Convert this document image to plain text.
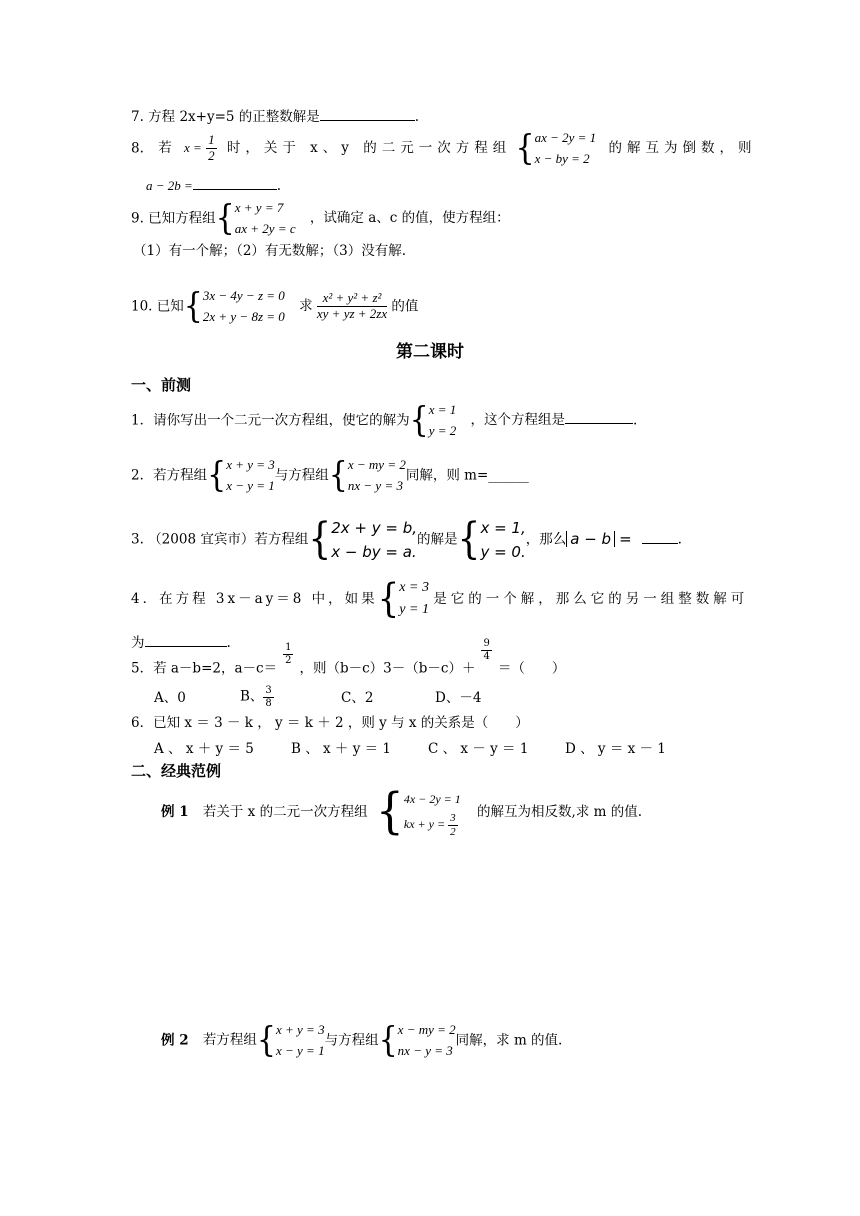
7. 方程 2x+y=5 的正整数解是	.
8. 若 $x = \frac{1}{2}$ 时，关于 x、y 的二元一次方程组 { ax − 2y = 1
x − by = 2
的解互为倒数，则
a − 2b =	.
9. 已知方程组{ x + y = 7
ax + 2y = c
，试确定 a、c 的值，使方程组：
（1）有一个解；（2）有无数解；（3）没有解.
10. 已知{ 3x − 4y − z = 0
2x + y − 8z = 0
求 $\frac{\text{x² + y² + z²}}{xy + yz + 2zx}$ 的值
第二课时
一、前测
1．请你写出一个二元一次方程组，使它的解为{ x = 1
y = 2
，这个方程组是	.
2．若方程组{ x + y = 3
x − y = 1
与方程组{ x − my = 2
nx − y = 3
同解，则 m=______
3. （2008 宜宾市）若方程组{ 2x + y = b,
x − by = a.
的解是{ x = 1,
y = 0.
，那么 a − b =	.
4．在方程 3x－ay＝8 中，如果{ x = 3
y = 1
是它的一个解，那么它的另一组整数解可
为	.
5．若 a－b=2，a－c＝
$\frac{1}{2}$
，则（b－c）3－（b－c）＋
$\frac{9}{4}$
＝（　　）
A、0	B、 $\frac{3}{8}$	C、2	D、－4
6．已知 x ＝ 3 － k ， y ＝ k ＋ 2 ，则 y 与 x 的关系是（　　）
A 、 x ＋ y ＝ 5	B 、 x ＋ y ＝ 1	C 、 x － y ＝ 1	D 、 y ＝ x － 1
二、经典范例
例 1 若关于 x 的二元一次方程组 { 4x − 2y = 1
kx + $y = \frac{3}{2}$
的解互为相反数,求 m 的值.
例 2 若方程组{ x + y = 3
x − y = 1
与方程组{ x − my = 2
nx − y = 3
同解，求 m 的值.
